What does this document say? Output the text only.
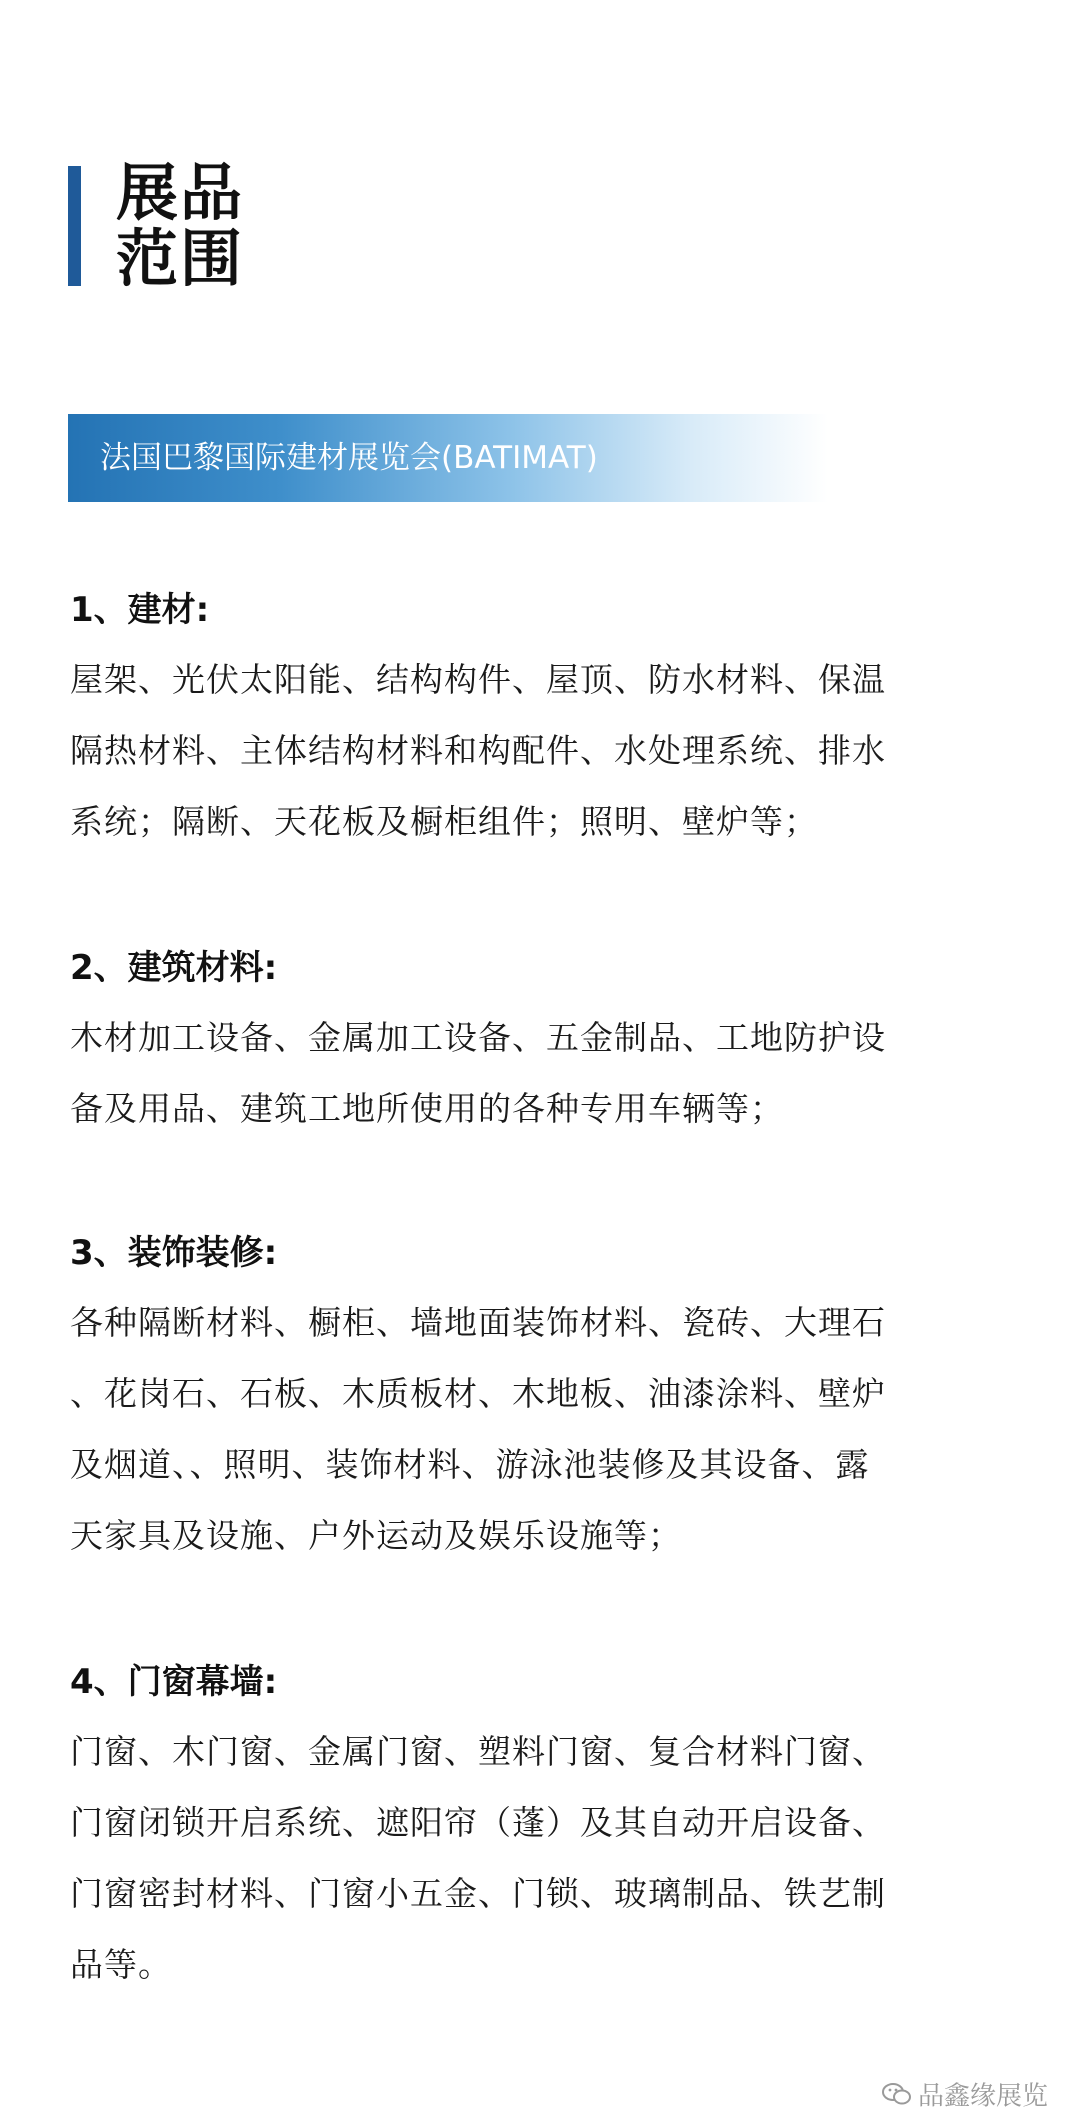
展品
范围
法国巴黎国际建材展览会(BATIMAT)
1、建材:
屋架、光伏太阳能、结构构件、屋顶、防水材料、保温
隔热材料、主体结构材料和构配件、水处理系统、排水
系统；隔断、天花板及橱柜组件；照明、壁炉等；
2、建筑材料:
木材加工设备、金属加工设备、五金制品、工地防护设
备及用品、建筑工地所使用的各种专用车辆等；
3、装饰装修:
各种隔断材料、橱柜、墙地面装饰材料、瓷砖、大理石
、花岗石、石板、木质板材、木地板、油漆涂料、壁炉
及烟道、、照明、装饰材料、游泳池装修及其设备、露
天家具及设施、户外运动及娱乐设施等；
4、门窗幕墙:
门窗、木门窗、金属门窗、塑料门窗、复合材料门窗、
门窗闭锁开启系统、遮阳帘（蓬）及其自动开启设备、
门窗密封材料、门窗小五金、门锁、玻璃制品、铁艺制
品等。
品鑫缘展览
